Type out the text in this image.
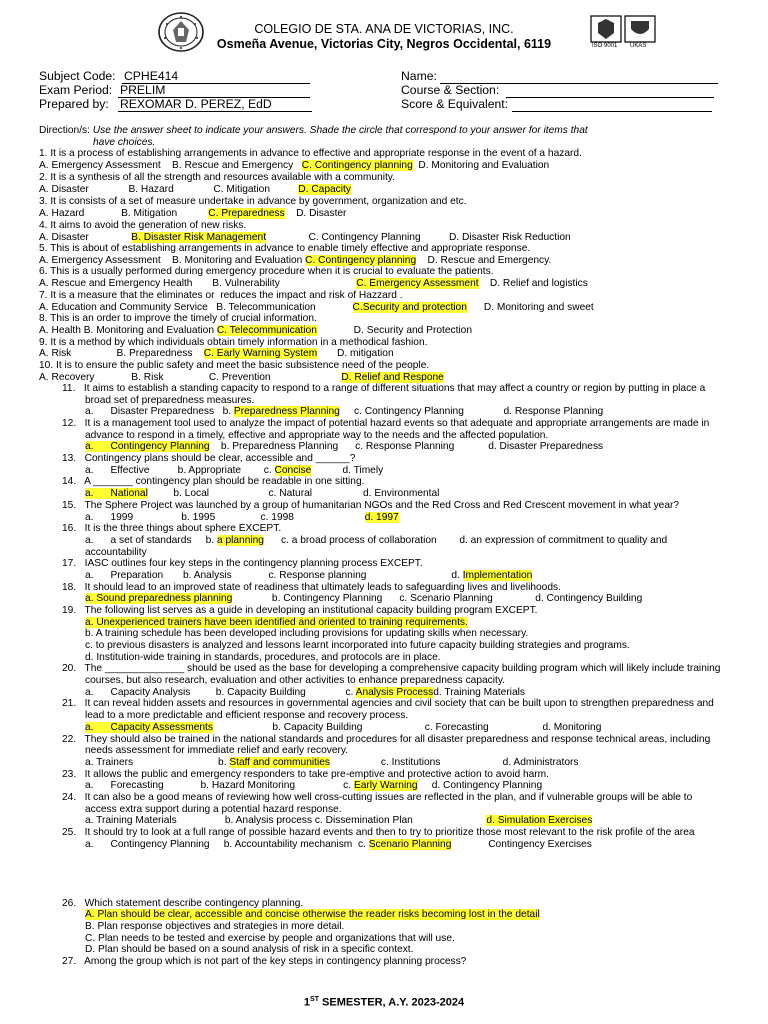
COLEGIO DE STA. ANA DE VICTORIAS, INC.
Osmeña Avenue, Victorias City, Negros Occidental, 6119	ISO 9001 UKAS
Subject Code: CPHE414
Exam Period: PRELIM
Prepared by: REXOMAR D. PEREZ, EdD
Name:
Course & Section:
Score & Equivalent:
Direction/s: Use the answer sheet to indicate your answers. Shade the circle that correspond to your answer for items that
have choices.
1. It is a process of establishing arrangements in advance to effective and appropriate response in the event of a hazard.
A. Emergency Assessment    B. Rescue and Emergency   C. Contingency planning  D. Monitoring and Evaluation
2. It is a synthesis of all the strength and resources available with a community.
A. Disaster              B. Hazard              C. Mitigation          D. Capacity
3. It is consists of a set of measure undertake in advance by government, organization and etc.
A. Hazard             B. Mitigation           C. Preparedness    D. Disaster
4. It aims to avoid the generation of new risks.
A. Disaster               B. Disaster Risk Management               C. Contingency Planning          D. Disaster Risk Reduction
5. This is about of establishing arrangements in advance to enable timely effective and appropriate response.
A. Emergency Assessment    B. Monitoring and Evaluation C. Contingency planning    D. Rescue and Emergency.
6. This is a usually performed during emergency procedure when it is crucial to evaluate the patients.
A. Rescue and Emergency Health       B. Vulnerability                           C. Emergency Assessment    D. Relief and logistics
7. It is a measure that the eliminates or  reduces the impact and risk of Hazzard .
A. Education and Community Service   B. Telecommunication             C.Security and protection      D. Monitoring and sweet
8. This is an order to improve the timely of crucial information.
A. Health B. Monitoring and Evaluation C. Telecommunication             D. Security and Protection
9. It is a method by which individuals obtain timely information in a methodical fashion.
A. Risk                B. Preparedness    C. Early Warning System       D. mitigation
10. It is to ensure the public safety and meet the basic subsistence need of the people.
A. Recovery             B. Risk                C. Prevention                         D. Relief and Respone
11.   It aims to establish a standing capacity to respond to a range of different situations that may affect a country or region by putting in place a
broad set of preparedness measures.
a.      Disaster Preparedness   b. Preparedness Planning     c. Contingency Planning              d. Response Planning
12.   It is a management tool used to analyze the impact of potential hazard events so that adequate and appropriate arrangements are made in
advance to respond in a timely, effective and appropriate way to the needs and the affected population.
a.      Contingency Planning    b. Preparedness Planning      c. Response Planning            d. Disaster Preparedness
13.   Contingency plans should be clear, accessible and ______?
a.      Effective          b. Appropriate        c. Concise           d. Timely
14.   A _______ contingency plan should be readable in one sitting.
a.      National         b. Local                     c. Natural                  d. Environmental
15.   The Sphere Project was launched by a group of humanitarian NGOs and the Red Cross and Red Crescent movement in what year?
a.      1999                 b. 1995                c. 1998                         d. 1997
16.   It is the three things about sphere EXCEPT.
a.      a set of standards     b. a planning      c. a broad process of collaboration        d. an expression of commitment to quality and
accountability
17.   IASC outlines four key steps in the contingency planning process EXCEPT.
a.      Preparation       b. Analysis             c. Response planning                              d. Implementation
18.   It should lead to an improved state of readiness that ultimately leads to safeguarding lives and livelihoods.
a. Sound preparedness planning              b. Contingency Planning      c. Scenario Planning               d. Contingency Building
19.   The following list serves as a guide in developing an institutional capacity building program EXCEPT.
a. Unexperienced trainers have been identified and oriented to training requirements.
b. A training schedule has been developed including provisions for updating skills when necessary.
c. to previous disasters is analyzed and lessons learnt incorporated into future capacity building strategies and programs.
d. Institution-wide training in standards, procedures, and protocols are in place.
20.   The ______________ should be used as the base for developing a comprehensive capacity building program which will likely include training
courses, but also research, evaluation and other activities to enhance preparedness capacity.
a.      Capacity Analysis         b. Capacity Building              c. Analysis Processd. Training Materials
21.   It can reveal hidden assets and resources in governmental agencies and civil society that can be built upon to strengthen preparedness and
lead to a more predictable and efficient response and recovery process.
a.      Capacity Assessments                     b. Capacity Building                      c. Forecasting                   d. Monitoring
22.   They should also be trained in the national standards and procedures for all disaster preparedness and response technical areas, including
needs assessment for immediate relief and early recovery.
a. Trainers                              b. Staff and communities                  c. Institutions                      d. Administrators
23.   It allows the public and emergency responders to take pre-emptive and protective action to avoid harm.
a.      Forecasting             b. Hazard Monitoring                 c. Early Warning     d. Contingency Planning
24.   It can also be a good means of reviewing how well cross-cutting issues are reflected in the plan, and if vulnerable groups will be able to
access extra support during a potential hazard response.
a. Training Materials                 b. Analysis process c. Dissemination Plan                          d. Simulation Exercises
25.   It should try to look at a full range of possible hazard events and then to try to prioritize those most relevant to the risk profile of the area
a.      Contingency Planning     b. Accountability mechanism  c. Scenario Planning             Contingency Exercises
26.   Which statement describe contingency planning.
A. Plan should be clear, accessible and concise otherwise the reader risks becoming lost in the detail
B. Plan response objectives and strategies in more detail.
C. Plan needs to be tested and exercise by people and organizations that will use.
D. Plan should be based on a sound analysis of risk in a specific context.
27.   Among the group which is not part of the key steps in contingency planning process?
1ST SEMESTER, A.Y. 2023-2024
